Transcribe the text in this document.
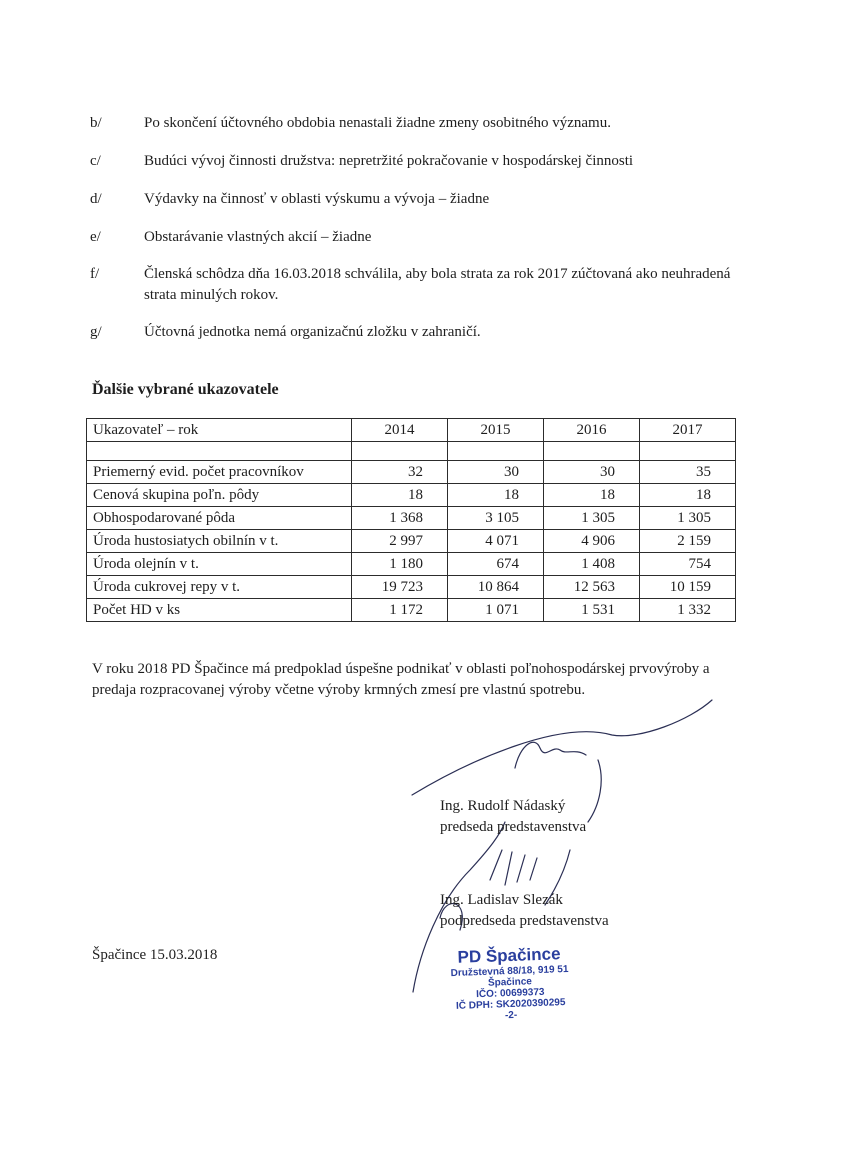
b/	Po skončení účtovného obdobia nenastali žiadne zmeny osobitného významu.
c/	Budúci vývoj činnosti družstva: nepretržité pokračovanie v hospodárskej činnosti
d/	Výdavky na činnosť v oblasti výskumu a vývoja – žiadne
e/	Obstarávanie vlastných akcií – žiadne
f/	Členská schôdza dňa 16.03.2018 schválila, aby bola strata za rok 2017 zúčtovaná ako neuhradená strata minulých rokov.
g/	Účtovná jednotka nemá organizačnú zložku v zahraničí.
Ďalšie vybrané ukazovatele
Ukazovateľ – rok	2014	2015	2016	2017

Priemerný evid. počet pracovníkov	32	30	30	35
Cenová skupina poľn. pôdy	18	18	18	18
Obhospodarované pôda	1 368	3 105	1 305	1 305
Úroda hustosiatych obilnín v t.	2 997	4 071	4 906	2 159
Úroda olejnín v t.	1 180	674	1 408	754
Úroda cukrovej repy v t.	19 723	10 864	12 563	10 159
Počet HD v ks	1 172	1 071	1 531	1 332
V roku 2018 PD Špačince má predpoklad úspešne podnikať v oblasti poľnohospodárskej prvovýroby a predaja rozpracovanej výroby včetne výroby krmných zmesí pre vlastnú spotrebu.
Ing. Rudolf Nádaský
predseda predstavenstva
Ing. Ladislav Slezák
podpredseda predstavenstva
Špačince 15.03.2018	PD Špačince
Družstevná 88/18, 919 51 Špačince
IČO: 00699373
IČ DPH: SK2020390295
-2-
